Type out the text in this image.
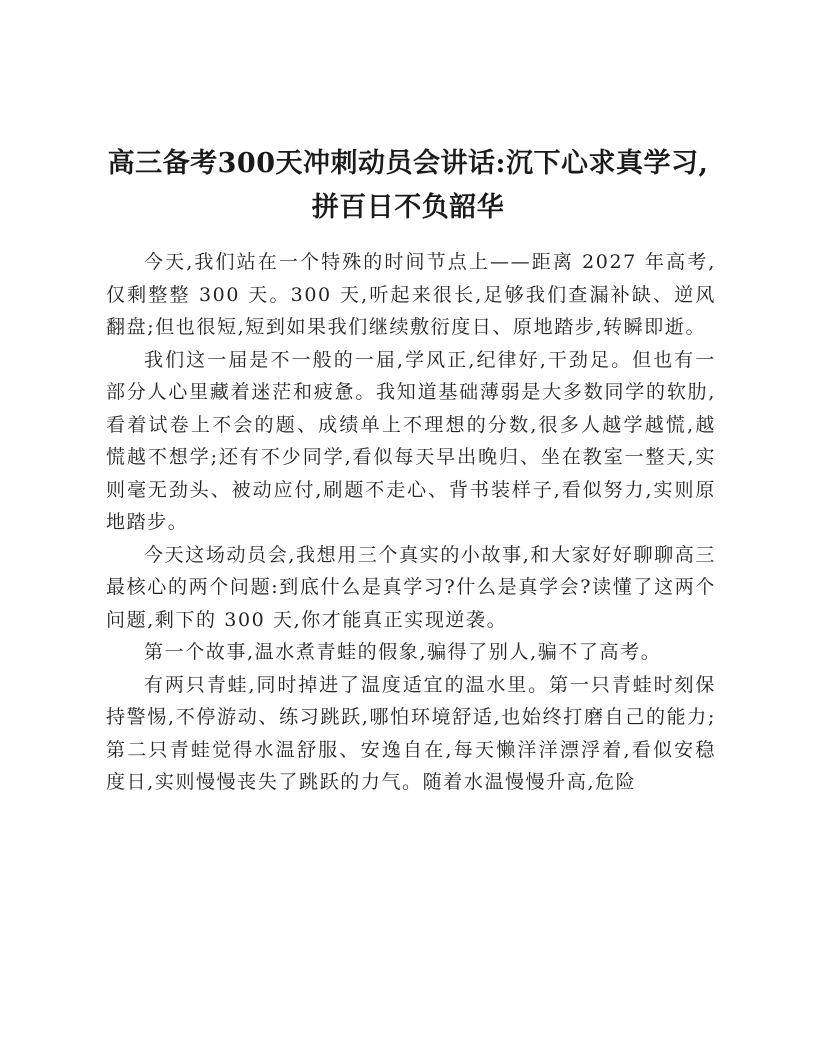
高三备考300天冲刺动员会讲话:沉下心求真学习,拼百日不负韶华

今天,我们站在一个特殊的时间节点上——距离 2027 年高考,仅剩整整 300 天。300 天,听起来很长,足够我们查漏补缺、逆风翻盘;但也很短,短到如果我们继续敷衍度日、原地踏步,转瞬即逝。

我们这一届是不一般的一届,学风正,纪律好,干劲足。但也有一部分人心里藏着迷茫和疲惫。我知道基础薄弱是大多数同学的软肋,看着试卷上不会的题、成绩单上不理想的分数,很多人越学越慌,越慌越不想学;还有不少同学,看似每天早出晚归、坐在教室一整天,实则毫无劲头、被动应付,刷题不走心、背书装样子,看似努力,实则原地踏步。

今天这场动员会,我想用三个真实的小故事,和大家好好聊聊高三最核心的两个问题:到底什么是真学习?什么是真学会?读懂了这两个问题,剩下的 300 天,你才能真正实现逆袭。

第一个故事,温水煮青蛙的假象,骗得了别人,骗不了高考。

有两只青蛙,同时掉进了温度适宜的温水里。第一只青蛙时刻保持警惕,不停游动、练习跳跃,哪怕环境舒适,也始终打磨自己的能力;第二只青蛙觉得水温舒服、安逸自在,每天懒洋洋漂浮着,看似安稳度日,实则慢慢丧失了跳跃的力气。随着水温慢慢升高,危险
